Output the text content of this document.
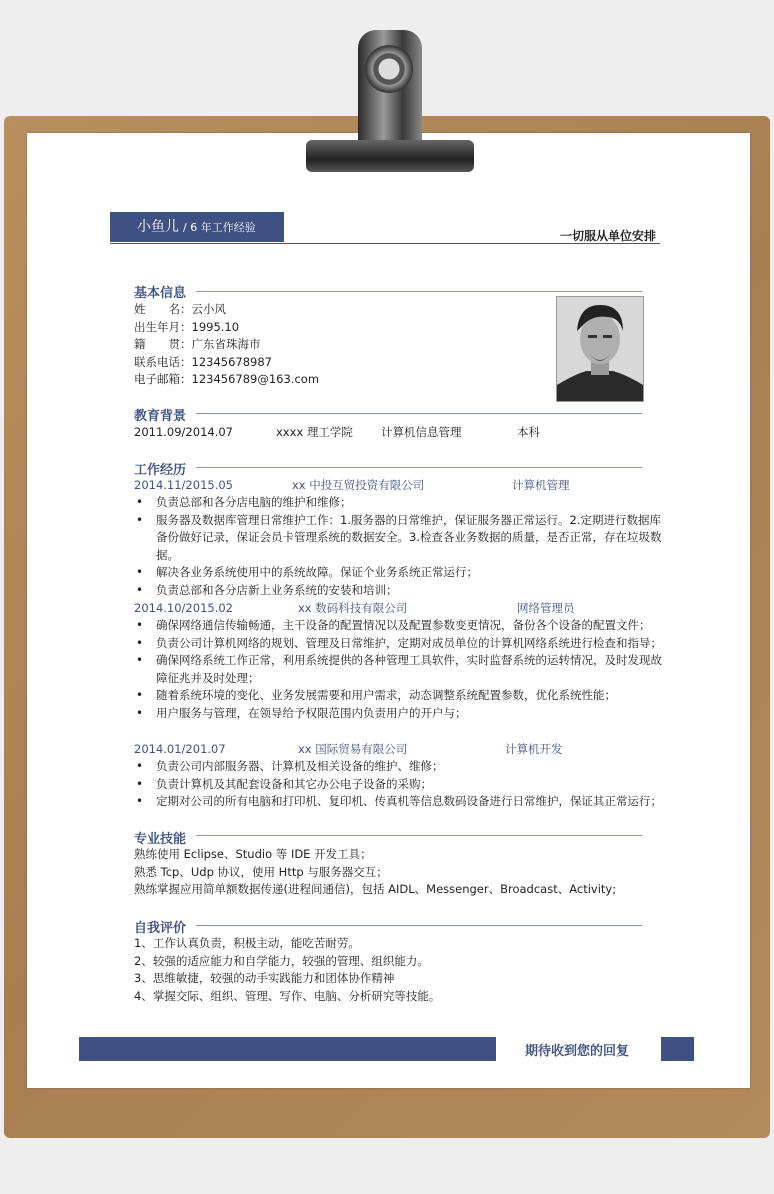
小鱼儿 / 6 年工作经验
一切服从单位安排
基本信息
姓　　名：云小风
出生年月：1995.10
籍　　贯：广东省珠海市
联系电话：12345678987
电子邮箱：123456789@163.com
教育背景
2011.09/2014.07	xxxx 理工学院 计算机信息管理	本科
工作经历
2014.11/2015.05	xx 中投互贸投资有限公司	计算机管理
• 负责总部和各分店电脑的维护和维修；
• 服务器及数据库管理日常维护工作：1.服务器的日常维护，保证服务器正常运行。2.定期进行数据库备份做好记录，保证会员卡管理系统的数据安全。3.检查各业务数据的质量，是否正常，存在垃圾数据。
• 解决各业务系统使用中的系统故障。保证个业务系统正常运行；
• 负责总部和各分店新上业务系统的安装和培训；
2014.10/2015.02	xx 数码科技有限公司	网络管理员
• 确保网络通信传输畅通，主干设备的配置情况以及配置参数变更情况，备份各个设备的配置文件；
• 负责公司计算机网络的规划、管理及日常维护，定期对成员单位的计算机网络系统进行检查和指导；
• 确保网络系统工作正常，利用系统提供的各种管理工具软件，实时监督系统的运转情况，及时发现故障征兆并及时处理；
• 随着系统环境的变化、业务发展需要和用户需求，动态调整系统配置参数，优化系统性能；
• 用户服务与管理，在领导给予权限范围内负责用户的开户与；
2014.01/201.07	xx 国际贸易有限公司	计算机开发
• 负责公司内部服务器、计算机及相关设备的维护、维修；
• 负责计算机及其配套设备和其它办公电子设备的采购；
• 定期对公司的所有电脑和打印机、复印机、传真机等信息数码设备进行日常维护，保证其正常运行；
专业技能
熟练使用 Eclipse、Studio 等 IDE 开发工具；
熟悉 Tcp、Udp 协议，使用 Http 与服务器交互；
熟练掌握应用简单额数据传递(进程间通信)，包括 AIDL、Messenger、Broadcast、Activity;
自我评价
1、工作认真负责，积极主动，能吃苦耐劳。
2、较强的适应能力和自学能力，较强的管理、组织能力。
3、思维敏捷，较强的动手实践能力和团体协作精神
4、掌握交际、组织、管理、写作、电脑、分析研究等技能。
期待收到您的回复
